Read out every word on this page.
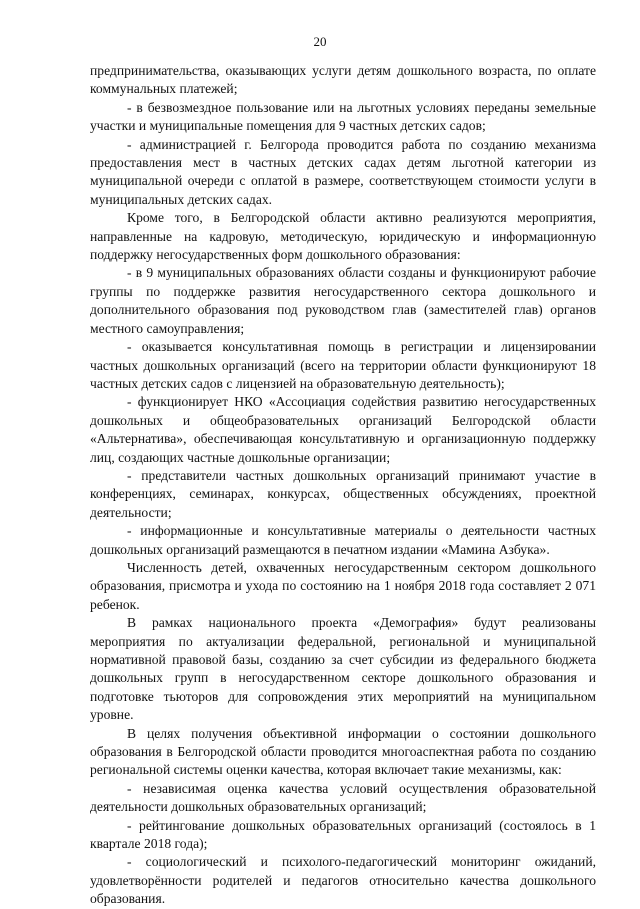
20

предпринимательства, оказывающих услуги детям дошкольного возраста, по оплате коммунальных платежей;

- в безвозмездное пользование или на льготных условиях переданы земельные участки и муниципальные помещения для 9 частных детских садов;

- администрацией г. Белгорода проводится работа по созданию механизма предоставления мест в частных детских садах детям льготной категории из муниципальной очереди с оплатой в размере, соответствующем стоимости услуги в муниципальных детских садах.

Кроме того, в Белгородской области активно реализуются мероприятия, направленные на кадровую, методическую, юридическую и информационную поддержку негосударственных форм дошкольного образования:

- в 9 муниципальных образованиях области созданы и функционируют рабочие группы по поддержке развития негосударственного сектора дошкольного и дополнительного образования под руководством глав (заместителей глав) органов местного самоуправления;

- оказывается консультативная помощь в регистрации и лицензировании частных дошкольных организаций (всего на территории области функционируют 18 частных детских садов с лицензией на образовательную деятельность);

- функционирует НКО «Ассоциация содействия развитию негосударственных дошкольных и общеобразовательных организаций Белгородской области «Альтернатива», обеспечивающая консультативную и организационную поддержку лиц, создающих частные дошкольные организации;

- представители частных дошкольных организаций принимают участие в конференциях, семинарах, конкурсах, общественных обсуждениях, проектной деятельности;

- информационные и консультативные материалы о деятельности частных дошкольных организаций размещаются в печатном издании «Мамина Азбука».

Численность детей, охваченных негосударственным сектором дошкольного образования, присмотра и ухода по состоянию на 1 ноября 2018 года составляет 2 071 ребенок.

В рамках национального проекта «Демография» будут реализованы мероприятия по актуализации федеральной, региональной и муниципальной нормативной правовой базы, созданию за счет субсидии из федерального бюджета дошкольных групп в негосударственном секторе дошкольного образования и подготовке тьюторов для сопровождения этих мероприятий на муниципальном уровне.

В целях получения объективной информации о состоянии дошкольного образования в Белгородской области проводится многоаспектная работа по созданию региональной системы оценки качества, которая включает такие механизмы, как:

- независимая оценка качества условий осуществления образовательной деятельности дошкольных образовательных организаций;

- рейтингование дошкольных образовательных организаций (состоялось в 1 квартале 2018 года);

- социологический и психолого-педагогический мониторинг ожиданий, удовлетворённости родителей и педагогов относительно качества дошкольного образования.
